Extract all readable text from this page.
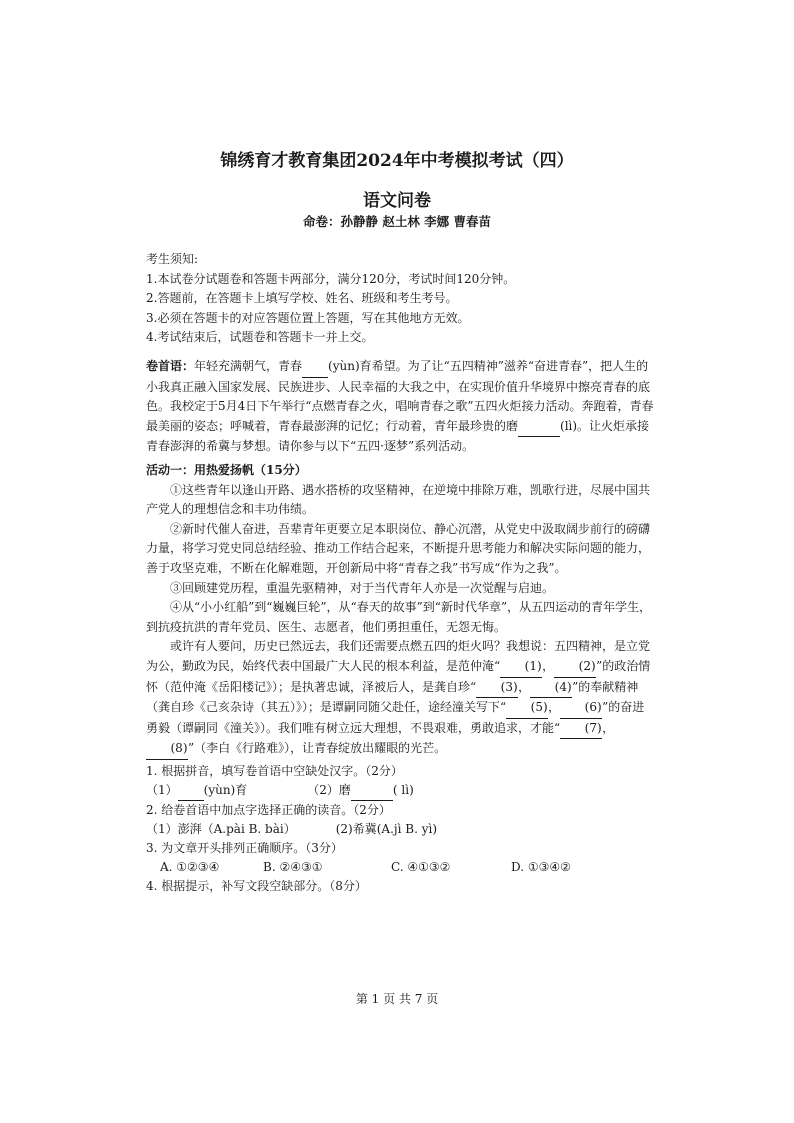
锦绣育才教育集团2024年中考模拟考试（四）
语文问卷
命卷：孙静静 赵土林 李娜 曹春苗

考生须知:

1.本试卷分试题卷和答题卡两部分，满分120分，考试时间120分钟。

2.答题前，在答题卡上填写学校、姓名、班级和考生考号。

3.必须在答题卡的对应答题位置上答题，写在其他地方无效。

4.考试结束后，试题卷和答题卡一并上交。

卷首语：年轻充满朝气，青春 (yùn)育希望。为了让“五四精神”滋养“奋进青春”，把人生的小我真正融入国家发展、民族进步、人民幸福的大我之中，在实现价值升华境界中擦亮青春的底色。我校定于5月4日下午举行“点燃青春之火，唱响青春之歌”五四火炬接力活动。奔跑着，青春最美丽的姿态；呼喊着，青春最澎湃的记忆；行动着，青年最珍贵的磨	(lì)。让火炬承接青春澎湃的希冀与梦想。请你参与以下“五四·逐梦”系列活动。

活动一：用热爱扬帆（15分）

①这些青年以逢山开路、遇水搭桥的攻坚精神，在逆境中排除万难，凯歌行进，尽展中国共产党人的理想信念和丰功伟绩。

②新时代催人奋进，吾辈青年更要立足本职岗位、静心沉潜，从党史中汲取阔步前行的磅礴力量，将学习党史同总结经验、推动工作结合起来，不断提升思考能力和解决实际问题的能力，善于攻坚克难，不断在化解难题，开创新局中将“青春之我”书写成“作为之我”。

③回顾建党历程，重温先驱精神，对于当代青年人亦是一次觉醒与启迪。

④从“小小红船”到“巍巍巨轮”，从“春天的故事”到“新时代华章”，从五四运动的青年学生，到抗疫抗洪的青年党员、医生、志愿者，他们勇担重任，无怨无悔。

或许有人要问，历史已然远去，我们还需要点燃五四的炬火吗？我想说：五四精神，是立党为公，勤政为民，始终代表中国最广大人民的根本利益，是范仲淹“ (1)， (2)”的政治情怀（范仲淹《岳阳楼记》）；是执著忠诚，泽被后人，是龚自珍“ (3)， (4)”的奉献精神（龚自珍《己亥杂诗（其五）》）；是谭嗣同随父赴任，途经潼关写下“ (5)， (6)”的奋进勇毅（谭嗣同《潼关》）。我们唯有树立远大理想，不畏艰难，勇敢追求，才能“ (7)，(8)”（李白《行路难》），让青春绽放出耀眼的光芒。

1. 根据拼音，填写卷首语中空缺处汉字。（2分）

（1） (yùn)育	（2）磨	( lì)

2. 给卷首语中加点字选择正确的读音。（2分）

（1）澎湃（A.pài B. bài）	(2)希冀(A.jì B. yì)

3. 为文章开头排列正确顺序。（3分）

A. ①②③④	B. ②④③①	C. ④①③②	D. ①③④②

4. 根据提示，补写文段空缺部分。（8分）

第 1 页 共 7 页
